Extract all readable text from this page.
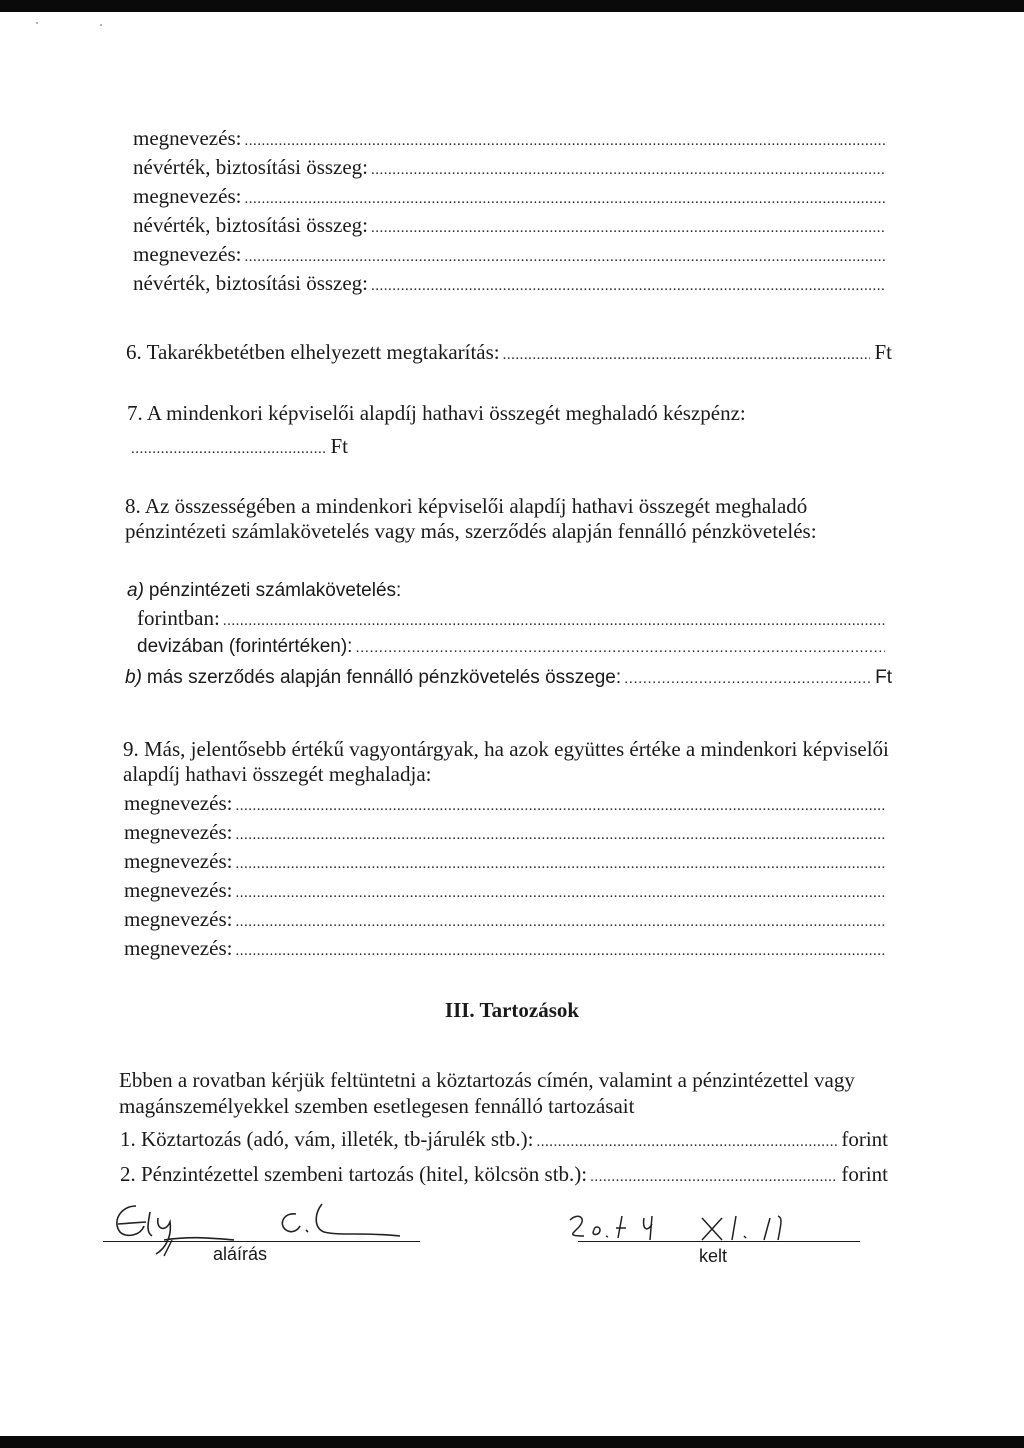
megnevezés:
.....
névérték, biztosítási összeg:
.....
megnevezés:
.....
névérték, biztosítási összeg:
.....
megnevezés:
.....
névérték, biztosítási összeg:
.....
6. Takarékbetétben elhelyezett megtakarítás: .....	Ft
7. A mindenkori képviselői alapdíj hathavi összegét meghaladó készpénz:
.....
Ft
8. Az összességében a mindenkori képviselői alapdíj hathavi összegét meghaladó pénzintézeti számlakövetelés vagy más, szerződés alapján fennálló pénzkövetelés:
a) pénzintézeti számlakövetelés:
forintban:
.....
devizában (forintértéken):
.....
b) más szerződés alapján fennálló pénzkövetelés összege: .....	Ft
9. Más, jelentősebb értékű vagyontárgyak, ha azok együttes értéke a mindenkori képviselői alapdíj hathavi összegét meghaladja:
megnevezés:
.....
megnevezés:
.....
megnevezés:
.....
megnevezés:
.....
megnevezés:
.....
megnevezés:
.....
III. Tartozások
Ebben a rovatban kérjük feltüntetni a köztartozás címén, valamint a pénzintézettel vagy magánszemélyekkel szemben esetlegesen fennálló tartozásait
1. Köztartozás (adó, vám, illeték, tb-járulék stb.): .....	forint
2. Pénzintézettel szembeni tartozás (hitel, kölcsön stb.): .....	forint
aláírás	kelt
